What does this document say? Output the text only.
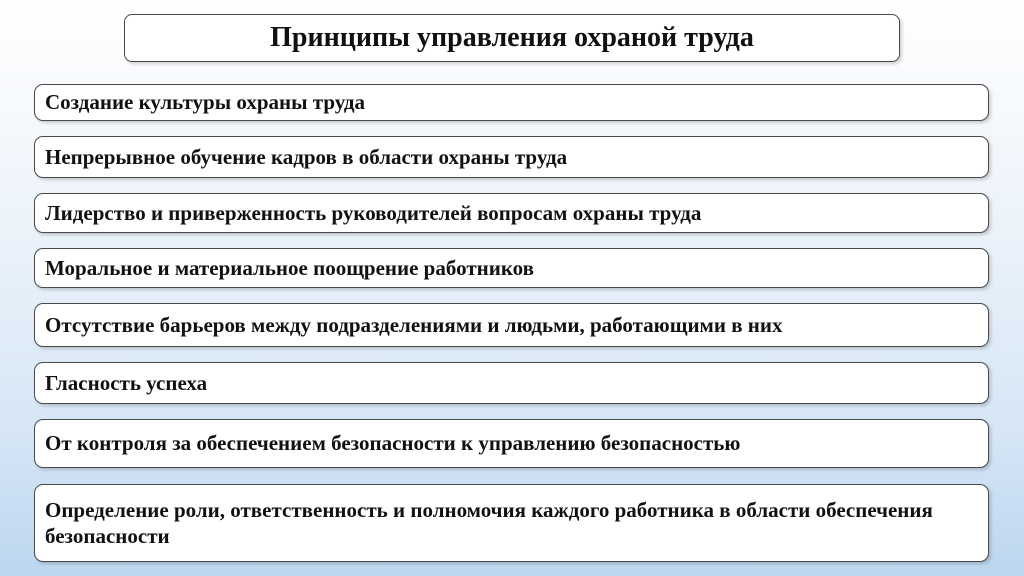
Принципы управления охраной труда
Создание культуры охраны труда
Непрерывное обучение кадров в области охраны труда
Лидерство и приверженность руководителей вопросам охраны труда
Моральное и материальное поощрение работников
Отсутствие барьеров между подразделениями и людьми, работающими в них
Гласность успеха
От контроля за обеспечением безопасности к управлению безопасностью
Определение роли, ответственность и полномочия каждого работника в области обеспечения безопасности
